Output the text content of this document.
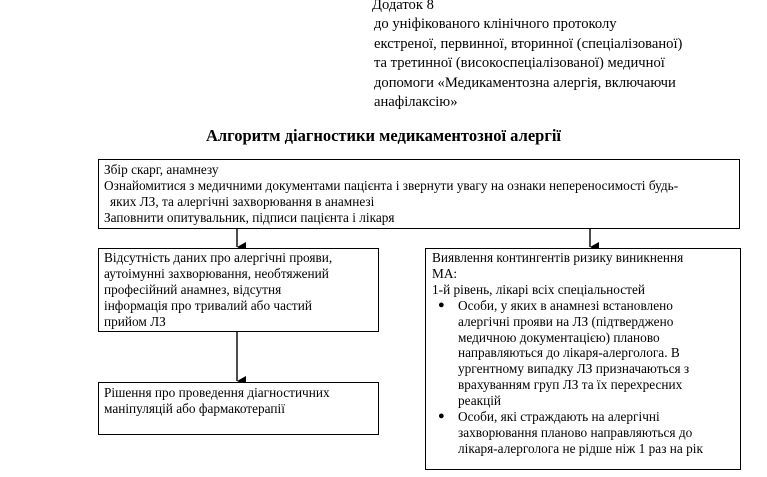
Додаток 8
до уніфікованого клінічного протоколу
екстреної, первинної, вторинної (спеціалізованої)
та третинної (високоспеціалізованої) медичної
допомоги «Медикаментозна алергія, включаючи
анафілаксію»
Алгоритм діагностики медикаментозної алергії
Збір скарг, анамнезу
Ознайомитися з медичними документами пацієнта і звернути увагу на ознаки непереносимості будь-
яких ЛЗ, та алергічні захворювання в анамнезі
Заповнити опитувальник, підписи пацієнта і лікаря
Відсутність даних про алергічні прояви,
аутоімунні захворювання, необтяжений
професійний анамнез, відсутня
інформація про тривалий або частий
прийом ЛЗ
Рішення про проведення діагностичних
маніпуляцій або фармакотерапії
Виявлення контингентів ризику виникнення
МА:
1-й рівень, лікарі всіх спеціальностей
● Особи, у яких в анамнезі встановлено
алергічні прояви на ЛЗ (підтверджено
медичною документацією) планово
направляються до лікаря-алерголога. В
ургентному випадку ЛЗ призначаються з
врахуванням груп ЛЗ та їх перехресних
реакцій
● Особи, які страждають на алергічні
захворювання планово направляються до
лікаря-алерголога не рідше ніж 1 раз на рік
